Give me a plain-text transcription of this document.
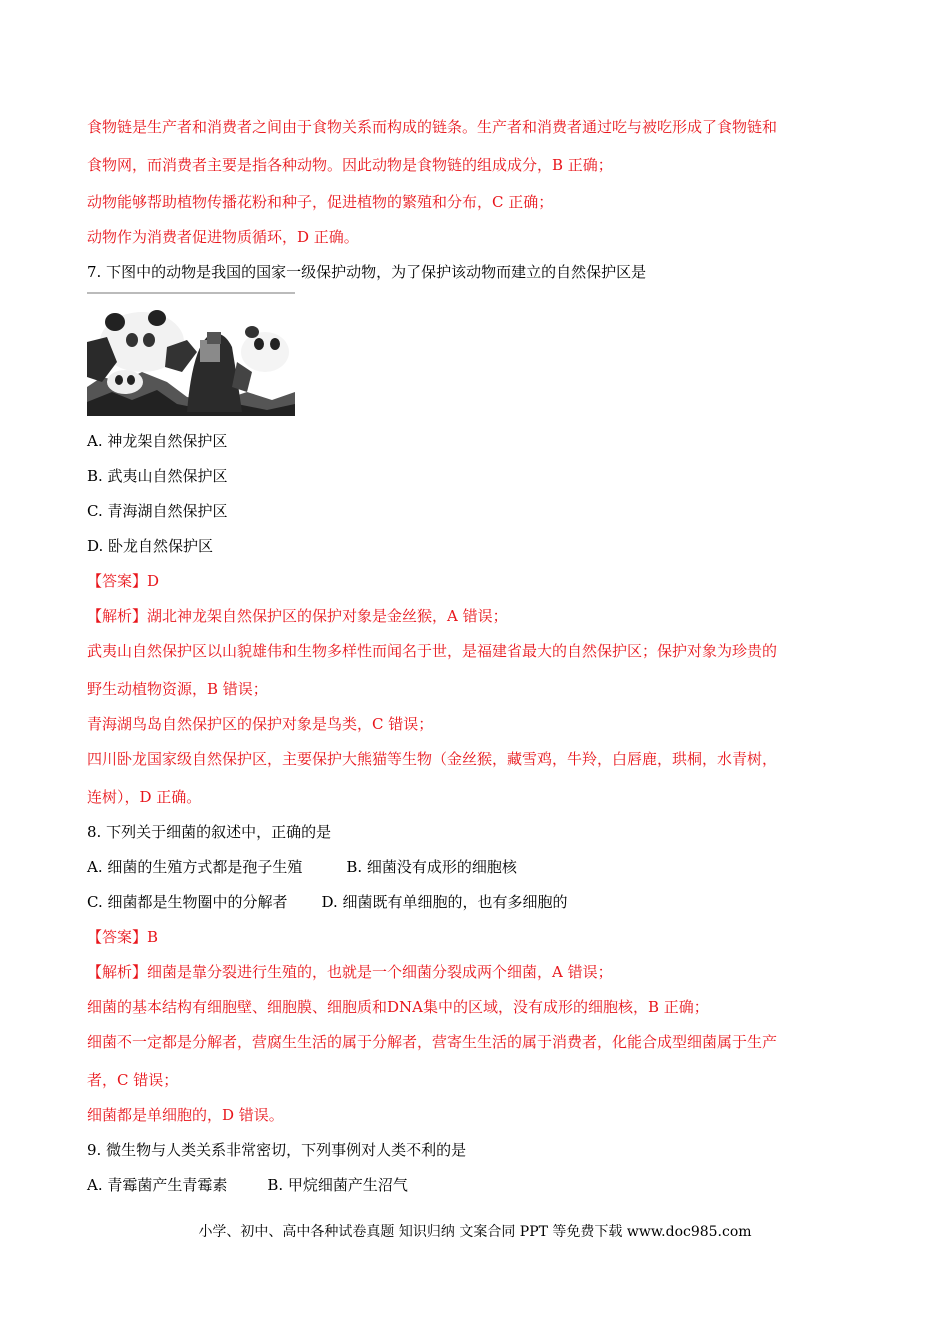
食物链是生产者和消费者之间由于食物关系而构成的链条。生产者和消费者通过吃与被吃形成了食物链和
食物网，而消费者主要是指各种动物。因此动物是食物链的组成成分，B 正确；
动物能够帮助植物传播花粉和种子，促进植物的繁殖和分布，C 正确；
动物作为消费者促进物质循环，D 正确。
7. 下图中的动物是我国的国家一级保护动物，为了保护该动物而建立的自然保护区是
A. 神龙架自然保护区
B. 武夷山自然保护区
C. 青海湖自然保护区
D. 卧龙自然保护区
【答案】D
【解析】湖北神龙架自然保护区的保护对象是金丝猴，A 错误；
武夷山自然保护区以山貌雄伟和生物多样性而闻名于世，是福建省最大的自然保护区；保护对象为珍贵的
野生动植物资源，B 错误；
青海湖鸟岛自然保护区的保护对象是鸟类，C 错误；
四川卧龙国家级自然保护区，主要保护大熊猫等生物（金丝猴，藏雪鸡，牛羚，白唇鹿，珙桐，水青树，
连树），D 正确。
8. 下列关于细菌的叙述中，正确的是
A. 细菌的生殖方式都是孢子生殖	B. 细菌没有成形的细胞核
C. 细菌都是生物圈中的分解者 D. 细菌既有单细胞的，也有多细胞的
【答案】B
【解析】细菌是靠分裂进行生殖的，也就是一个细菌分裂成两个细菌，A 错误；
细菌的基本结构有细胞壁、细胞膜、细胞质和DNA集中的区域，没有成形的细胞核，B 正确；
细菌不一定都是分解者，营腐生生活的属于分解者，营寄生生活的属于消费者，化能合成型细菌属于生产
者，C 错误；
细菌都是单细胞的，D 错误。
9. 微生物与人类关系非常密切，下列事例对人类不利的是
A. 青霉菌产生青霉素	B. 甲烷细菌产生沼气
小学、初中、高中各种试卷真题 知识归纳 文案合同 PPT 等免费下载 www.doc985.com
